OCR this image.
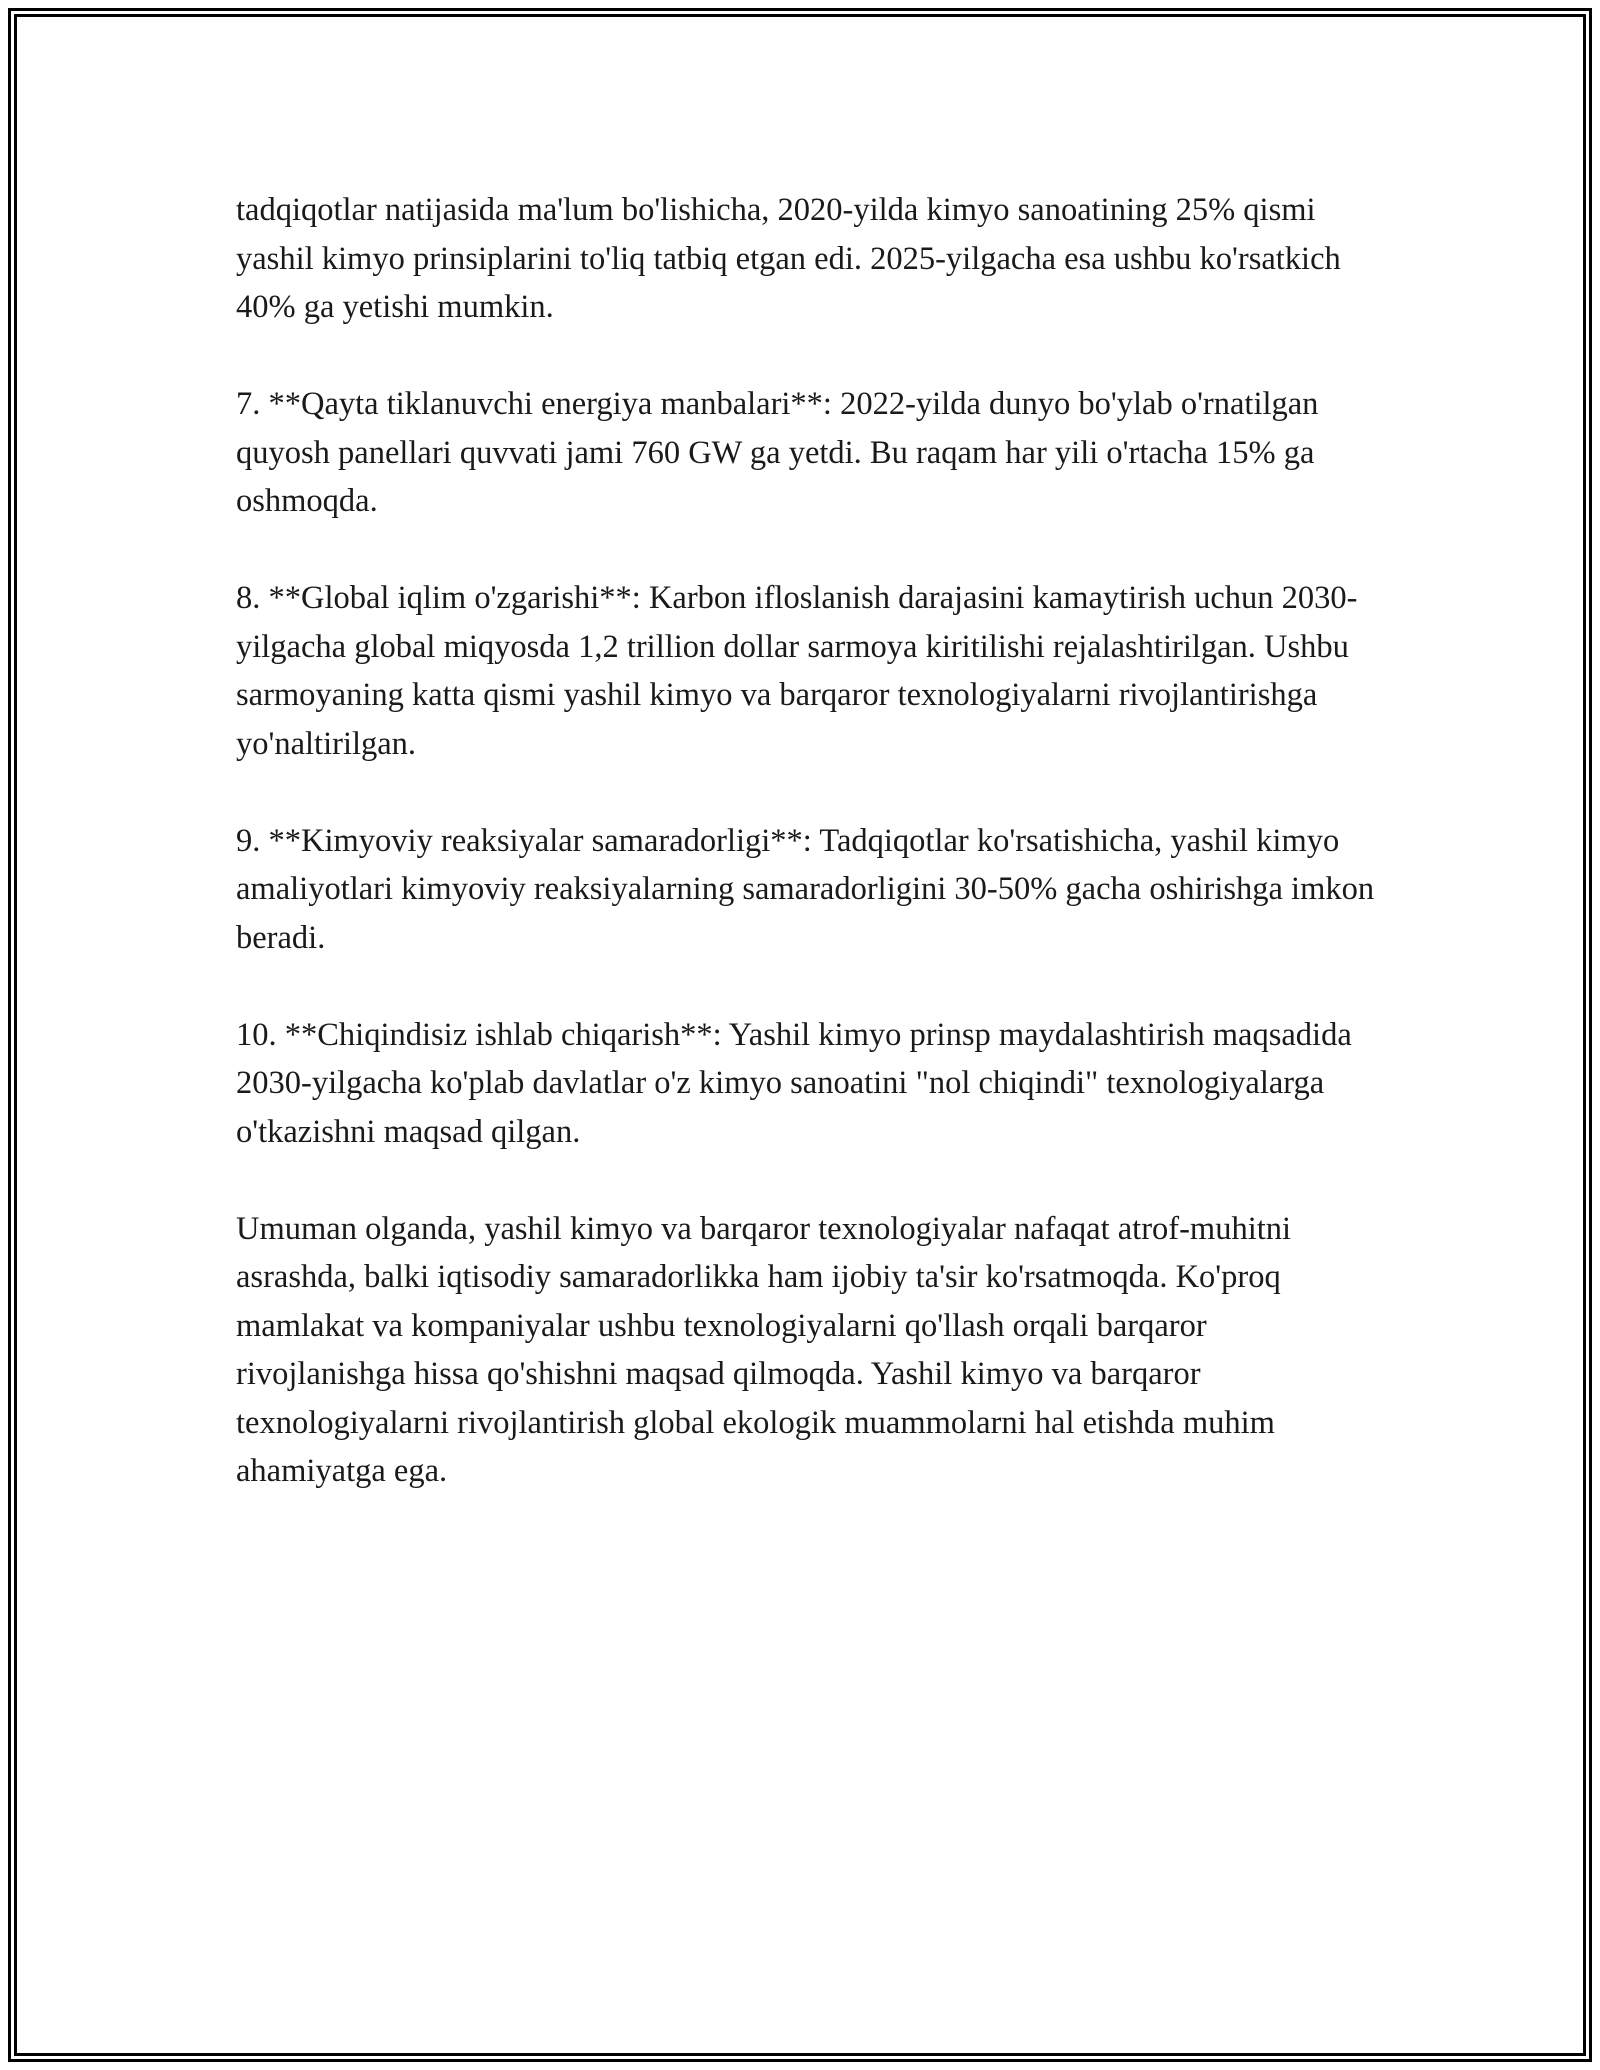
tadqiqotlar natijasida ma'lum bo'lishicha, 2020-yilda kimyo sanoatining 25% qismi yashil kimyo prinsiplarini to'liq tatbiq etgan edi. 2025-yilgacha esa ushbu ko'rsatkich 40% ga yetishi mumkin.

7. **Qayta tiklanuvchi energiya manbalari**: 2022-yilda dunyo bo'ylab o'rnatilgan quyosh panellari quvvati jami 760 GW ga yetdi. Bu raqam har yili o'rtacha 15% ga oshmoqda.

8. **Global iqlim o'zgarishi**: Karbon ifloslanish darajasini kamaytirish uchun 2030-yilgacha global miqyosda 1,2 trillion dollar sarmoya kiritilishi rejalashtirilgan. Ushbu sarmoyaning katta qismi yashil kimyo va barqaror texnologiyalarni rivojlantirishga yo'naltirilgan.

9. **Kimyoviy reaksiyalar samaradorligi**: Tadqiqotlar ko'rsatishicha, yashil kimyo amaliyotlari kimyoviy reaksiyalarning samaradorligini 30-50% gacha oshirishga imkon beradi.

10. **Chiqindisiz ishlab chiqarish**: Yashil kimyo prinsp maydalashtirish maqsadida 2030-yilgacha ko'plab davlatlar o'z kimyo sanoatini "nol chiqindi" texnologiyalarga o'tkazishni maqsad qilgan.

Umuman olganda, yashil kimyo va barqaror texnologiyalar nafaqat atrof-muhitni asrashda, balki iqtisodiy samaradorlikka ham ijobiy ta'sir ko'rsatmoqda. Ko'proq mamlakat va kompaniyalar ushbu texnologiyalarni qo'llash orqali barqaror rivojlanishga hissa qo'shishni maqsad qilmoqda. Yashil kimyo va barqaror texnologiyalarni rivojlantirish global ekologik muammolarni hal etishda muhim ahamiyatga ega.
